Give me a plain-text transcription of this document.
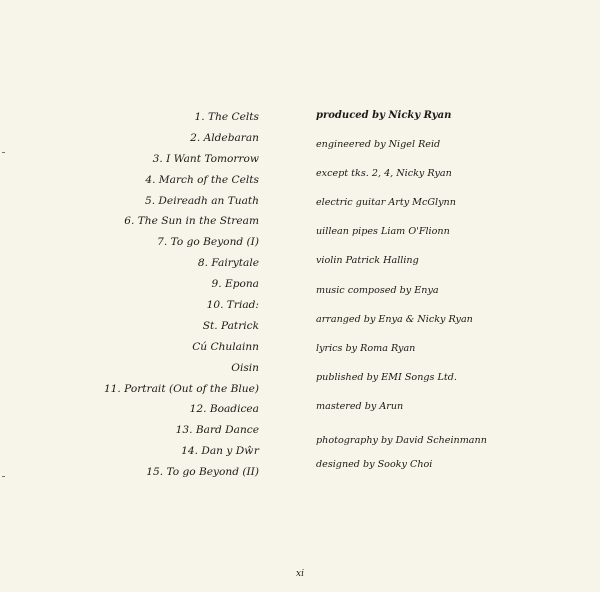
1. The Celts
2. Aldebaran
3. I Want Tomorrow
4. March of the Celts
5. Deireadh an Tuath
6. The Sun in the Stream
7. To go Beyond (I)
8. Fairytale
9. Epona
10. Triad:
St. Patrick
Cú Chulainn
Oisin
11. Portrait (Out of the Blue)
12. Boadicea
13. Bard Dance
14. Dan y Dŵr
15. To go Beyond (II)
produced by Nicky Ryan
engineered by Nigel Reid
except tks. 2, 4, Nicky Ryan
electric guitar Arty McGlynn
uillean pipes Liam O'Flionn
violin Patrick Halling
music composed by Enya
arranged by Enya & Nicky Ryan
lyrics by Roma Ryan
published by EMI Songs Ltd.
mastered by Arun
photography by David Scheinmann
designed by Sooky Choi
xi
